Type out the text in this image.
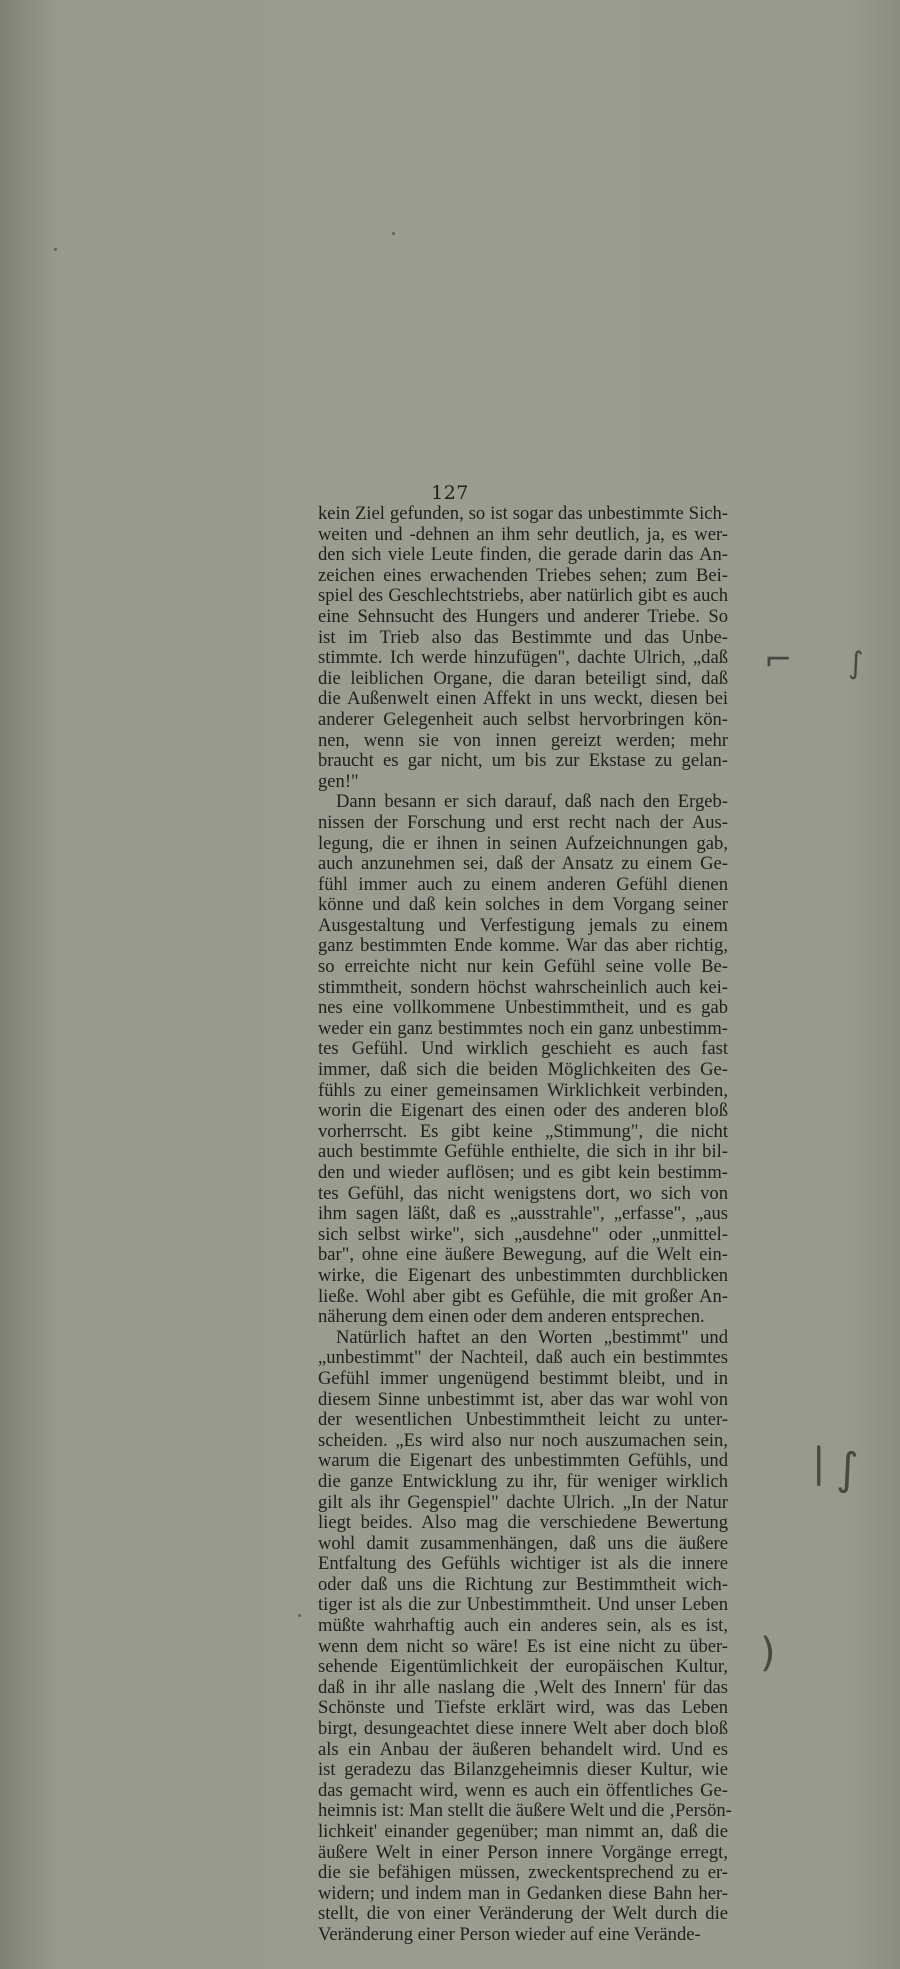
127
kein Ziel gefunden, so ist sogar das unbestimmte Sich-
weiten und -dehnen an ihm sehr deutlich, ja, es wer-
den sich viele Leute finden, die gerade darin das An-
zeichen eines erwachenden Triebes sehen; zum Bei-
spiel des Geschlechtstriebs, aber natürlich gibt es auch
eine Sehnsucht des Hungers und anderer Triebe. So
ist im Trieb also das Bestimmte und das Unbe-
stimmte. Ich werde hinzufügen", dachte Ulrich, „daß
die leiblichen Organe, die daran beteiligt sind, daß
die Außenwelt einen Affekt in uns weckt, diesen bei
anderer Gelegenheit auch selbst hervorbringen kön-
nen, wenn sie von innen gereizt werden; mehr
braucht es gar nicht, um bis zur Ekstase zu gelan-
gen!"
Dann besann er sich darauf, daß nach den Ergeb-
nissen der Forschung und erst recht nach der Aus-
legung, die er ihnen in seinen Aufzeichnungen gab,
auch anzunehmen sei, daß der Ansatz zu einem Ge-
fühl immer auch zu einem anderen Gefühl dienen
könne und daß kein solches in dem Vorgang seiner
Ausgestaltung und Verfestigung jemals zu einem
ganz bestimmten Ende komme. War das aber richtig,
so erreichte nicht nur kein Gefühl seine volle Be-
stimmtheit, sondern höchst wahrscheinlich auch kei-
nes eine vollkommene Unbestimmtheit, und es gab
weder ein ganz bestimmtes noch ein ganz unbestimm-
tes Gefühl. Und wirklich geschieht es auch fast
immer, daß sich die beiden Möglichkeiten des Ge-
fühls zu einer gemeinsamen Wirklichkeit verbinden,
worin die Eigenart des einen oder des anderen bloß
vorherrscht. Es gibt keine „Stimmung", die nicht
auch bestimmte Gefühle enthielte, die sich in ihr bil-
den und wieder auflösen; und es gibt kein bestimm-
tes Gefühl, das nicht wenigstens dort, wo sich von
ihm sagen läßt, daß es „ausstrahle", „erfasse", „aus
sich selbst wirke", sich „ausdehne" oder „unmittel-
bar", ohne eine äußere Bewegung, auf die Welt ein-
wirke, die Eigenart des unbestimmten durchblicken
ließe. Wohl aber gibt es Gefühle, die mit großer An-
näherung dem einen oder dem anderen entsprechen.
Natürlich haftet an den Worten „bestimmt" und
„unbestimmt" der Nachteil, daß auch ein bestimmtes
Gefühl immer ungenügend bestimmt bleibt, und in
diesem Sinne unbestimmt ist, aber das war wohl von
der wesentlichen Unbestimmtheit leicht zu unter-
scheiden. „Es wird also nur noch auszumachen sein,
warum die Eigenart des unbestimmten Gefühls, und
die ganze Entwicklung zu ihr, für weniger wirklich
gilt als ihr Gegenspiel" dachte Ulrich. „In der Natur
liegt beides. Also mag die verschiedene Bewertung
wohl damit zusammenhängen, daß uns die äußere
Entfaltung des Gefühls wichtiger ist als die innere
oder daß uns die Richtung zur Bestimmtheit wich-
tiger ist als die zur Unbestimmtheit. Und unser Leben
müßte wahrhaftig auch ein anderes sein, als es ist,
wenn dem nicht so wäre! Es ist eine nicht zu über-
sehende Eigentümlichkeit der europäischen Kultur,
daß in ihr alle naslang die ‚Welt des Innern' für das
Schönste und Tiefste erklärt wird, was das Leben
birgt, desungeachtet diese innere Welt aber doch bloß
als ein Anbau der äußeren behandelt wird. Und es
ist geradezu das Bilanzgeheimnis dieser Kultur, wie
das gemacht wird, wenn es auch ein öffentliches Ge-
heimnis ist: Man stellt die äußere Welt und die ‚Persön-
lichkeit' einander gegenüber; man nimmt an, daß die
äußere Welt in einer Person innere Vorgänge erregt,
die sie befähigen müssen, zweckentsprechend zu er-
widern; und indem man in Gedanken diese Bahn her-
stellt, die von einer Veränderung der Welt durch die
Veränderung einer Person wieder auf eine Verände-
⌐ ∫
| ∫
)
